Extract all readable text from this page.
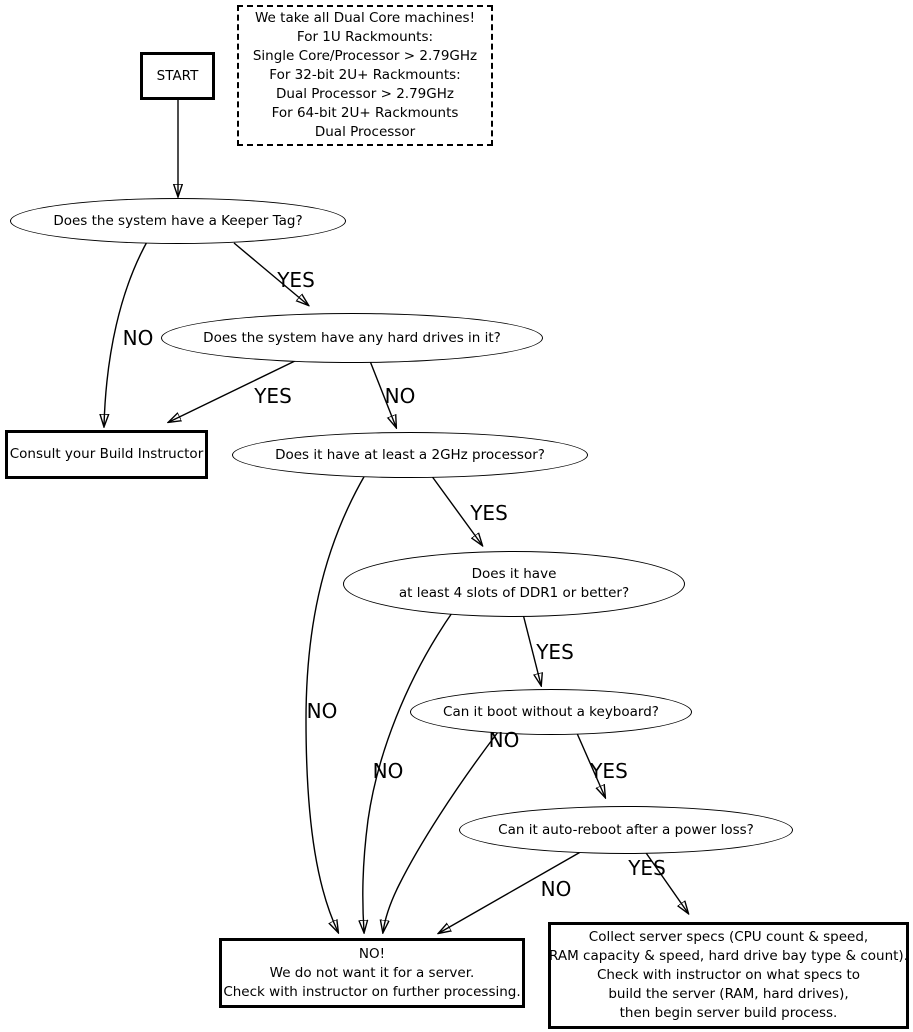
We take all Dual Core machines!
For 1U Rackmounts:
Single Core/Processor > 2.79GHz
For 32-bit 2U+ Rackmounts:
Dual Processor > 2.79GHz
For 64-bit 2U+ Rackmounts
Dual Processor
START
Does the system have a Keeper Tag?
Does the system have any hard drives in it?
Does it have at least a 2GHz processor?
Does it have
at least 4 slots of DDR1 or better?
Can it boot without a keyboard?
Can it auto-reboot after a power loss?
Consult your Build Instructor
NO!
We do not want it for a server.
Check with instructor on further processing.
Collect server specs (CPU count & speed,
RAM capacity & speed, hard drive bay type & count).
Check with instructor on what specs to
build the server (RAM, hard drives),
then begin server build process.
YES
NO
YES	NO
YES
NO
YES
NO
NO
YES
YES
NO
